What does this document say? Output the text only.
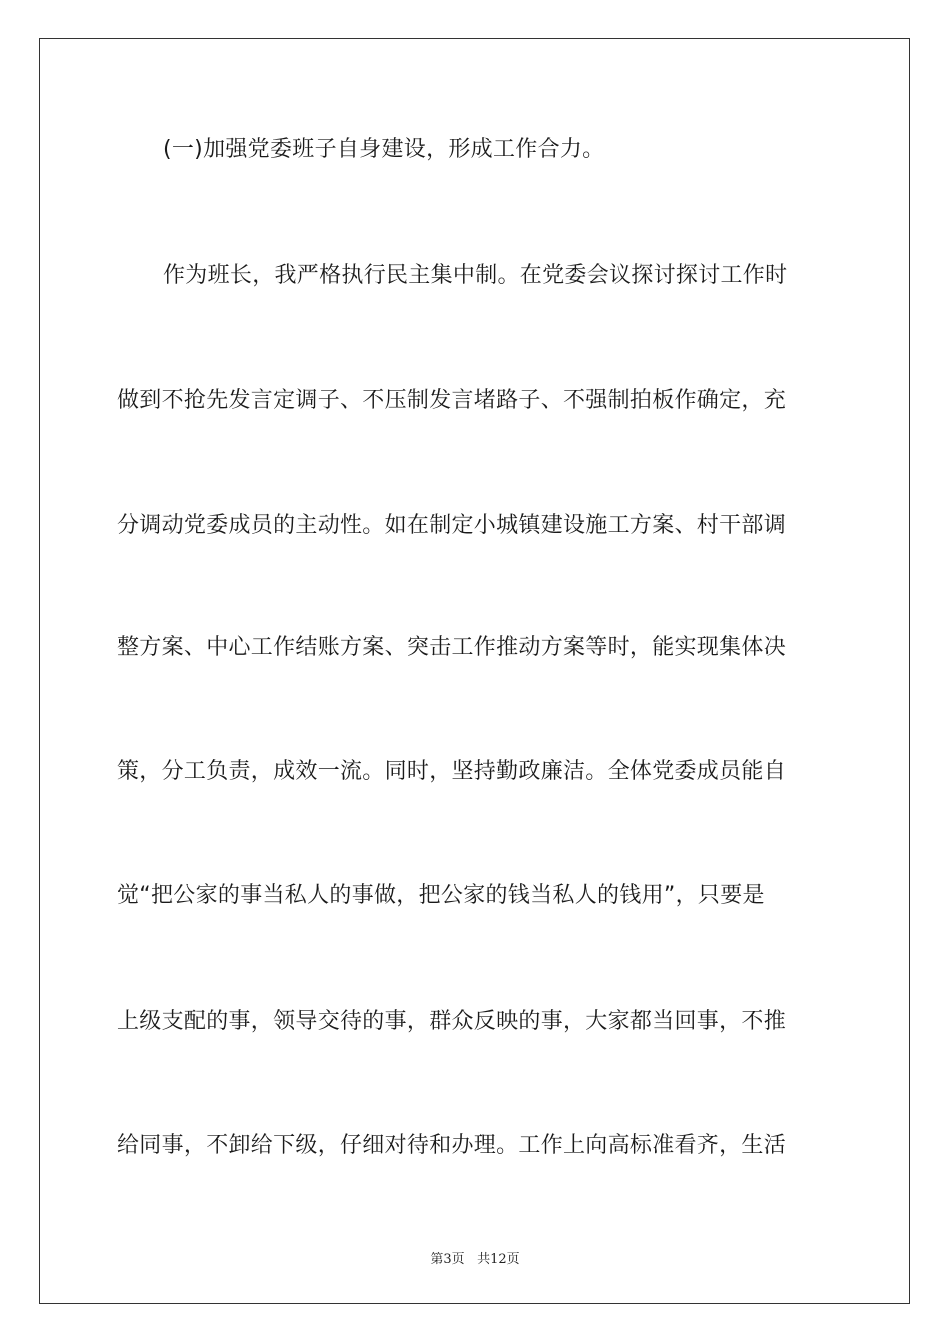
(一)加强党委班子自身建设，形成工作合力。
作为班长，我严格执行民主集中制。在党委会议探讨探讨工作时
做到不抢先发言定调子、不压制发言堵路子、不强制拍板作确定，充
分调动党委成员的主动性。如在制定小城镇建设施工方案、村干部调
整方案、中心工作结账方案、突击工作推动方案等时，能实现集体决
策，分工负责，成效一流。同时，坚持勤政廉洁。全体党委成员能自
觉“把公家的事当私人的事做，把公家的钱当私人的钱用”，只要是
上级支配的事，领导交待的事，群众反映的事，大家都当回事，不推
给同事，不卸给下级，仔细对待和办理。工作上向高标准看齐，生活
第3页 共12页
